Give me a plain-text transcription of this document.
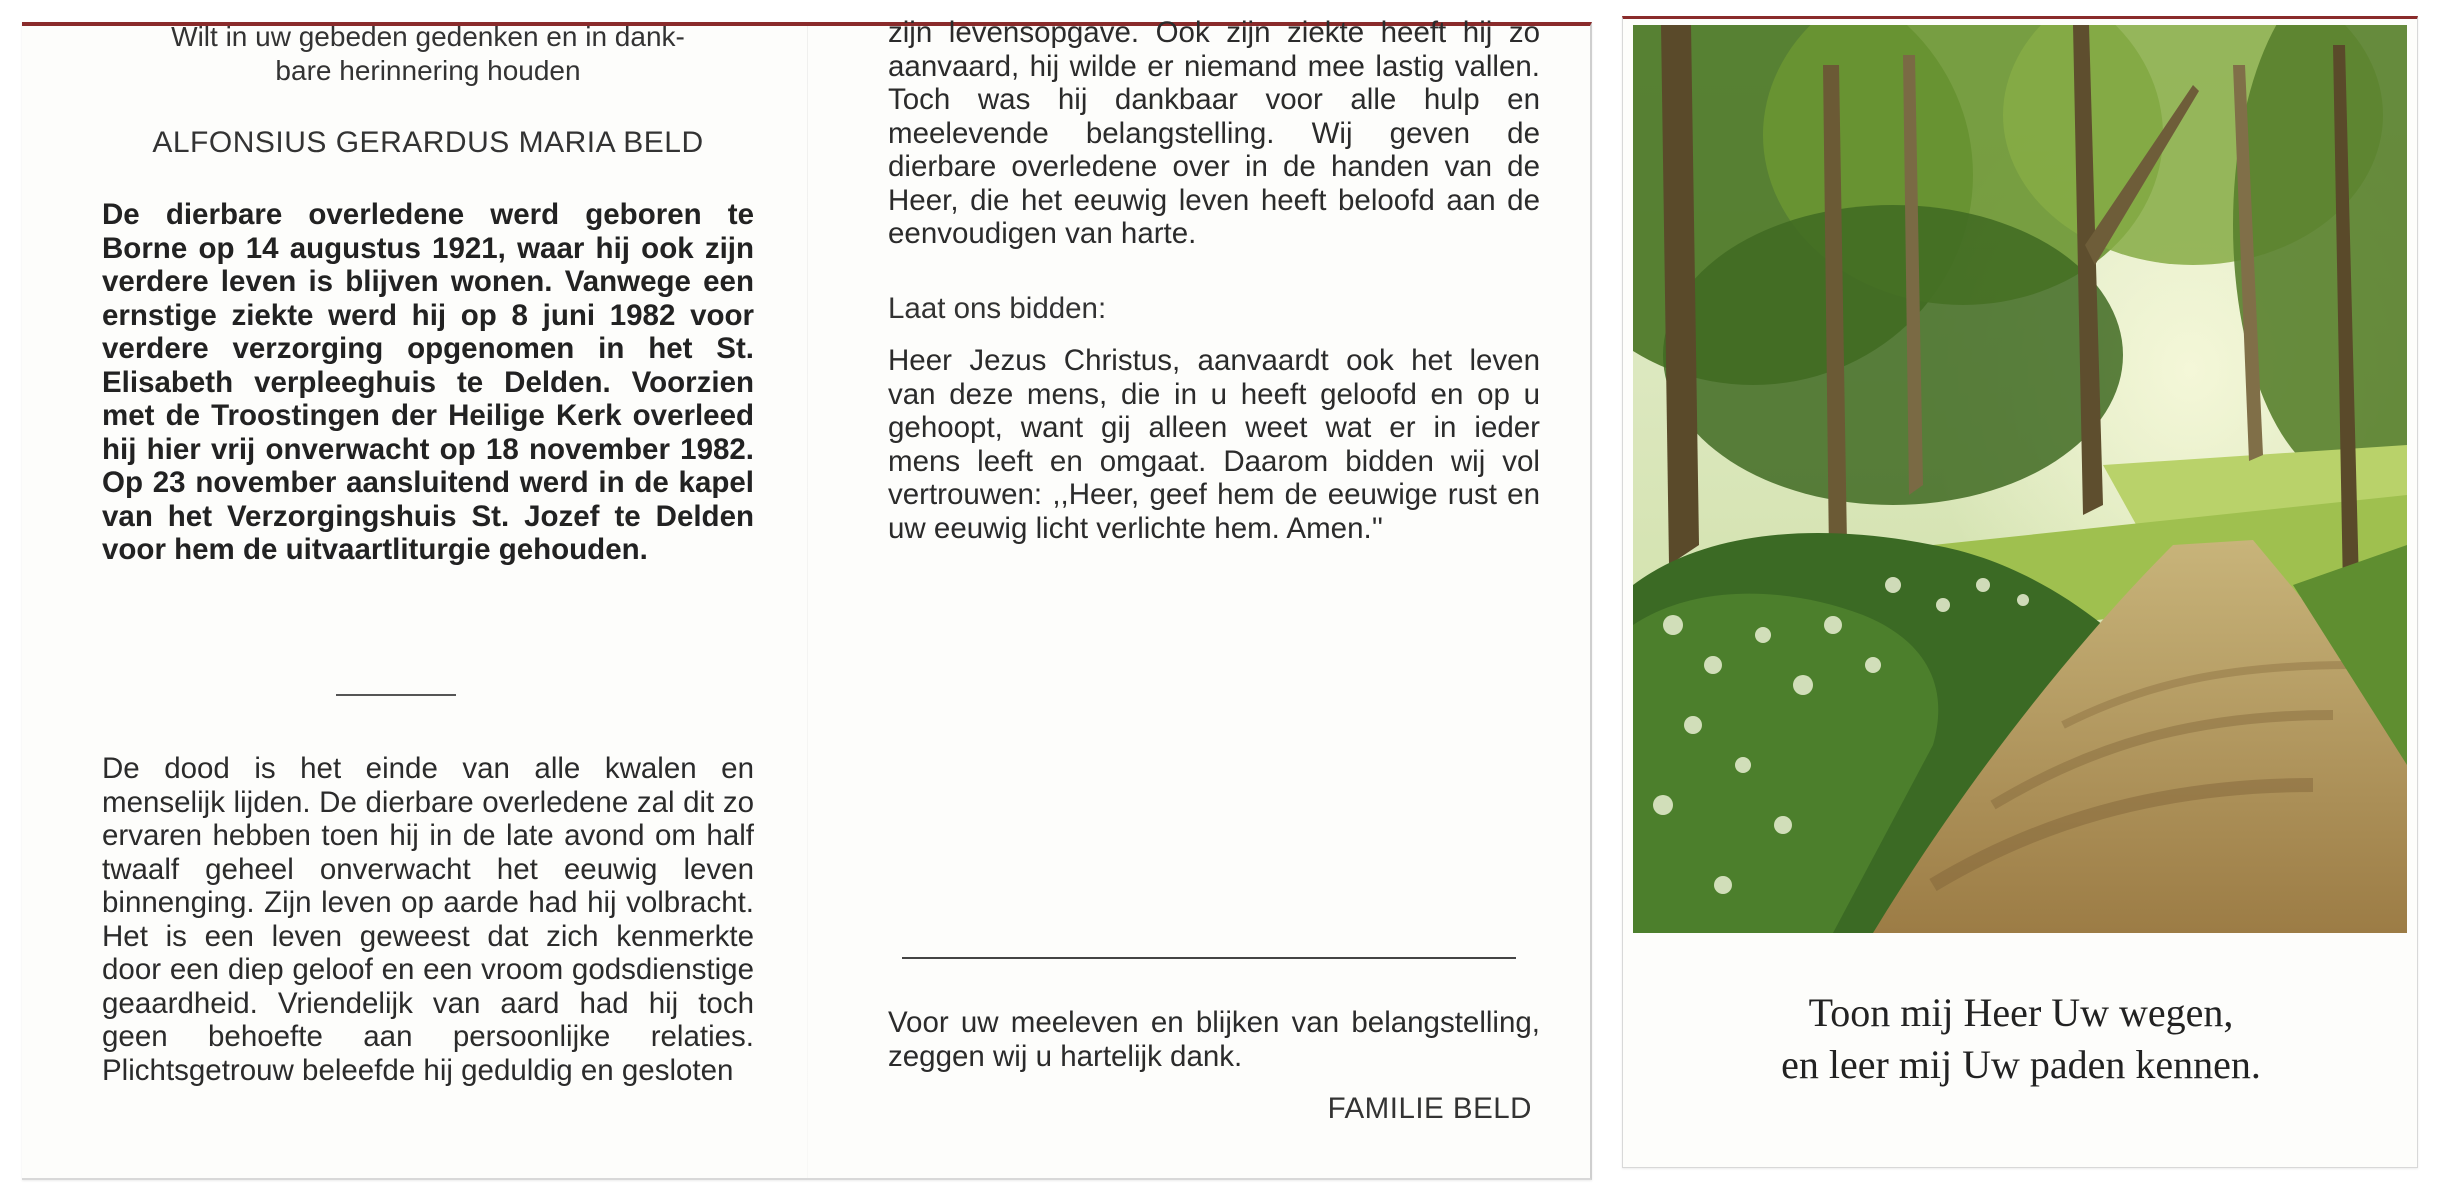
Wilt in uw gebeden gedenken en in dank-
bare herinnering houden

ALFONSIUS GERARDUS MARIA BELD

De dierbare overledene werd geboren te Borne op 14 augustus 1921, waar hij ook zijn verdere leven is blijven wonen. Vanwege een ernstige ziekte werd hij op 8 juni 1982 voor verdere verzorging opgenomen in het St. Elisabeth verpleeghuis te Delden. Voorzien met de Troostingen der Heilige Kerk overleed hij hier vrij onverwacht op 18 november 1982. Op 23 november aansluitend werd in de kapel van het Verzorgingshuis St. Jozef te Delden voor hem de uitvaartliturgie gehouden.

De dood is het einde van alle kwalen en menselijk lijden. De dierbare overledene zal dit zo ervaren hebben toen hij in de late avond om half twaalf geheel onverwacht het eeuwig leven binnenging. Zijn leven op aarde had hij volbracht. Het is een leven geweest dat zich kenmerkte door een diep geloof en een vroom godsdienstige geaardheid. Vriendelijk van aard had hij toch geen behoefte aan persoonlijke relaties. Plichtsgetrouw beleefde hij geduldig en gesloten

zijn levensopgave. Ook zijn ziekte heeft hij zo aanvaard, hij wilde er niemand mee lastig vallen. Toch was hij dankbaar voor alle hulp en meelevende belangstelling. Wij geven de dierbare overledene over in de handen van de Heer, die het eeuwig leven heeft beloofd aan de eenvoudigen van harte.

Laat ons bidden:

Heer Jezus Christus, aanvaardt ook het leven van deze mens, die in u heeft geloofd en op u gehoopt, want gij alleen weet wat er in ieder mens leeft en omgaat. Daarom bidden wij vol vertrouwen: ,,Heer, geef hem de eeuwige rust en uw eeuwig licht verlichte hem. Amen.''

Voor uw meeleven en blijken van belangstelling, zeggen wij u hartelijk dank.

FAMILIE BELD

Toon mij Heer Uw wegen,
en leer mij Uw paden kennen.
